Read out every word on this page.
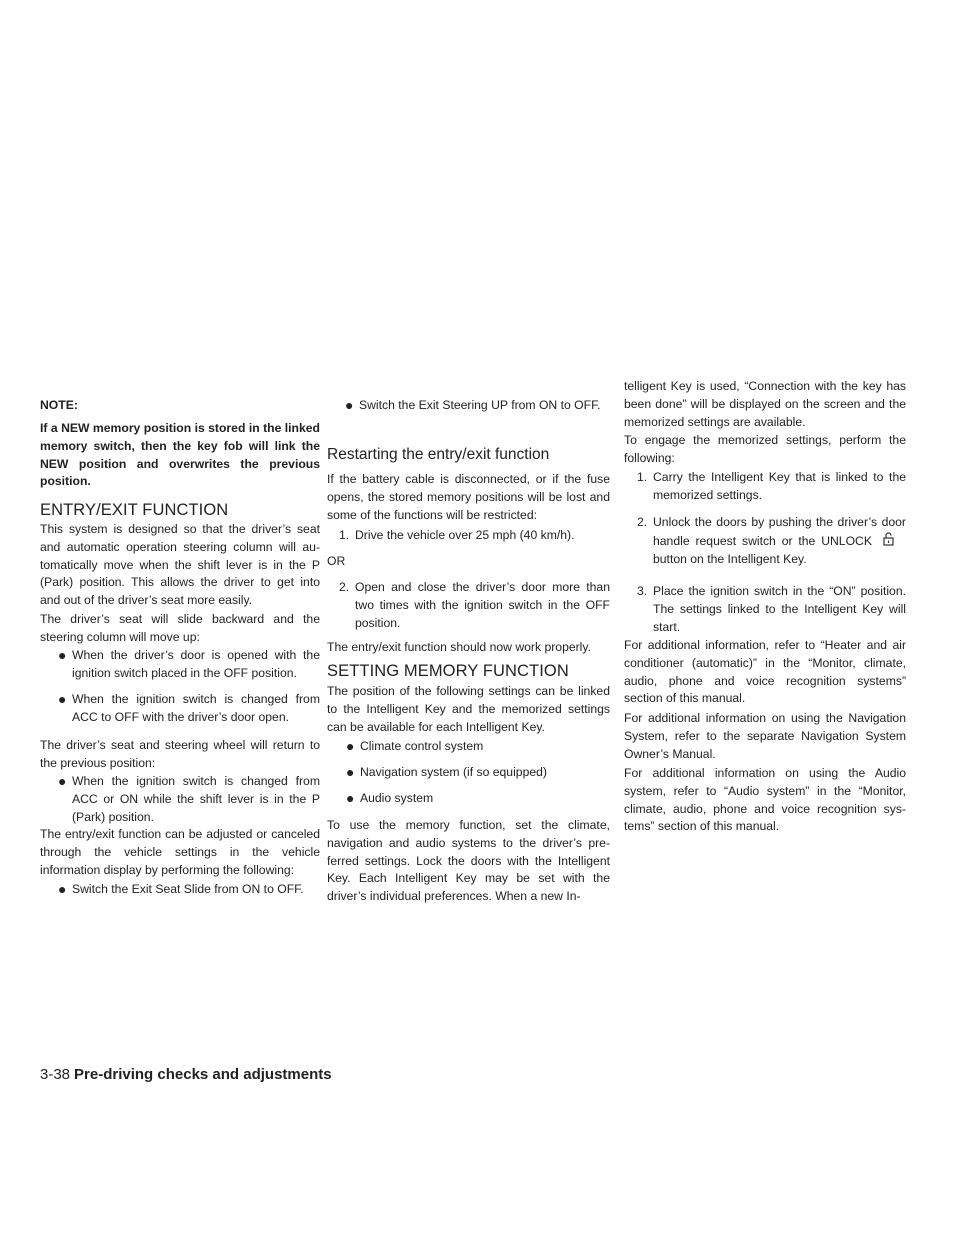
NOTE:
If a NEW memory position is stored in the linked memory switch, then the key fob will link the NEW position and overwrites the previous position.
ENTRY/EXIT FUNCTION

This system is designed so that the driver’s seat and automatic operation steering column will automatically move when the shift lever is in the P (Park) position. This allows the driver to get into and out of the driver’s seat more easily.

The driver’s seat will slide backward and the steering column will move up:

● When the driver’s door is opened with the ignition switch placed in the OFF position.
● When the ignition switch is changed from ACC to OFF with the driver’s door open.

The driver’s seat and steering wheel will return to the previous position:

● When the ignition switch is changed from ACC or ON while the shift lever is in the P (Park) position.

The entry/exit function can be adjusted or canceled through the vehicle settings in the vehicle information display by performing the following:

● Switch the Exit Seat Slide from ON to OFF.
● Switch the Exit Steering UP from ON to OFF.
Restarting the entry/exit function

If the battery cable is disconnected, or if the fuse opens, the stored memory positions will be lost and some of the functions will be restricted:

1. Drive the vehicle over 25 mph (40 km/h).

OR

2. Open and close the driver’s door more than two times with the ignition switch in the OFF position.

The entry/exit function should now work properly.

SETTING MEMORY FUNCTION

The position of the following settings can be linked to the Intelligent Key and the memorized settings can be available for each Intelligent Key.

● Climate control system
● Navigation system (if so equipped)
● Audio system

To use the memory function, set the climate, navigation and audio systems to the driver’s preferred settings. Lock the doors with the Intelligent Key. Each Intelligent Key may be set with the driver’s individual preferences. When a new In-

telligent Key is used, “Connection with the key has been done” will be displayed on the screen and the memorized settings are available.

To engage the memorized settings, perform the following:

1. Carry the Intelligent Key that is linked to the memorized settings.
2. Unlock the doors by pushing the driver’s door handle request switch or the UNLOCKbutton on the Intelligent Key.
3. Place the ignition switch in the “ON” position. The settings linked to the Intelligent Key will start.

For additional information, refer to “Heater and air conditioner (automatic)” in the “Monitor, climate, audio, phone and voice recognition systems” section of this manual.

For additional information on using the Navigation System, refer to the separate Navigation System Owner’s Manual.

For additional information on using the Audio system, refer to “Audio system” in the “Monitor, climate, audio, phone and voice recognition systems” section of this manual.

3-38 Pre-driving checks and adjustments
